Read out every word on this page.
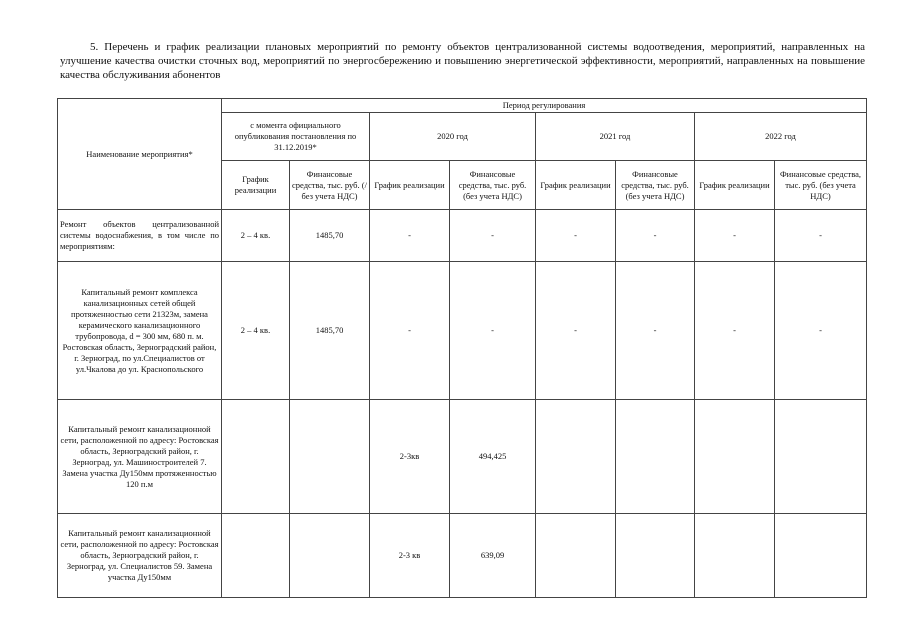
5. Перечень и график реализации плановых мероприятий по ремонту объектов централизованной системы водоотведения, мероприятий, направленных на улучшение качества очистки сточных вод, мероприятий по энергосбережению и повышению энергетической эффективности, мероприятий, направленных на повышение качества обслуживания абонентов
Наименование мероприятия*	Период регулирования							
	с момента официального опубликования постановления по 31.12.2019*		2020 год		2021 год		2022 год	
	График реализации	Финансовые средства, тыс. руб. (/без учета НДС)	График реализации	Финансовые средства, тыс. руб. (без учета НДС)	График реализации	Финансовые средства, тыс. руб. (без учета НДС)	График реализации	Финансовые средства, тыс. руб. (без учета НДС)
Ремонт объектов централизованной системы водоснабжения, в том числе по мероприятиям:	2 – 4 кв.	1485,70	-	-	-	-	-	-
Капитальный ремонт комплекса канализационных сетей общей протяженностью сети 21323м, замена керамического канализационного трубопровода, d = 300 мм, 680 п. м. Ростовская область, Зерноградский район, г. Зерноград, по ул.Специалистов от ул.Чкалова до ул. Краснопольского	2 – 4 кв.	1485,70	-	-	-	-	-	-
Капитальный ремонт канализационной сети, расположенной по адресу: Ростовская область, Зерноградский район, г. Зерноград, ул. Машиностроителей 7. Замена участка Ду150мм протяженностью 120 п.м			2-3кв	494,425				
Капитальный ремонт канализационной сети, расположенной по адресу: Ростовская область, Зерноградский район, г. Зерноград, ул. Специалистов 59. Замена участка Ду150мм			2-3 кв	639,09				
